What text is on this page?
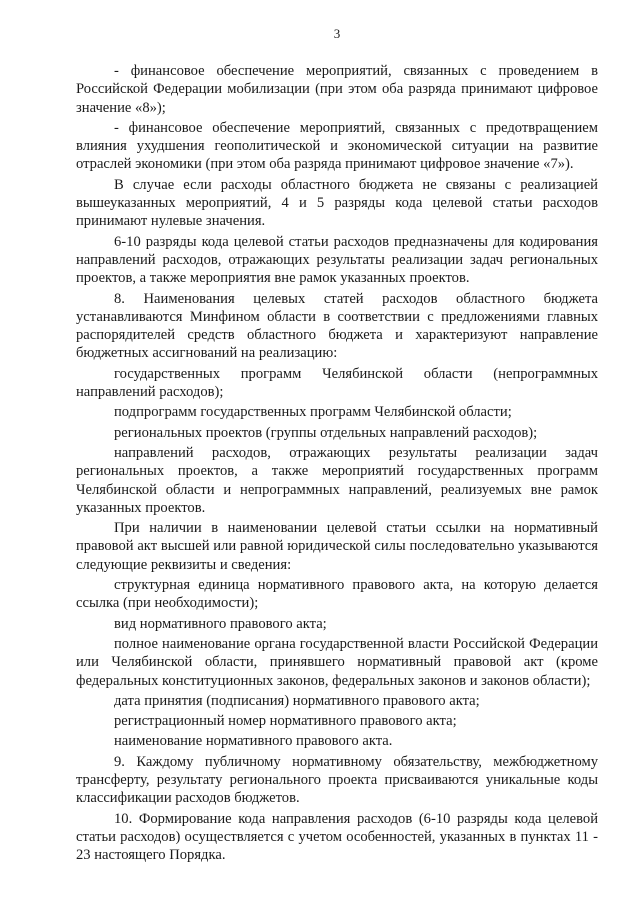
3

- финансовое обеспечение мероприятий, связанных с проведением в Российской Федерации мобилизации (при этом оба разряда принимают цифровое значение «8»);

- финансовое обеспечение мероприятий, связанных с предотвращением влияния ухудшения геополитической и экономической ситуации на развитие отраслей экономики (при этом оба разряда принимают цифровое значение «7»).

В случае если расходы областного бюджета не связаны с реализацией вышеуказанных мероприятий, 4 и 5 разряды кода целевой статьи расходов принимают нулевые значения.

6-10 разряды кода целевой статьи расходов предназначены для кодирования направлений расходов, отражающих результаты реализации задач региональных проектов, а также мероприятия вне рамок указанных проектов.

8. Наименования целевых статей расходов областного бюджета устанавливаются Минфином области в соответствии с предложениями главных распорядителей средств областного бюджета и характеризуют направление бюджетных ассигнований на реализацию:

государственных программ Челябинской области (непрограммных направлений расходов);

подпрограмм государственных программ Челябинской области;

региональных проектов (группы отдельных направлений расходов);

направлений расходов, отражающих результаты реализации задач региональных проектов, а также мероприятий государственных программ Челябинской области и непрограммных направлений, реализуемых вне рамок указанных проектов.

При наличии в наименовании целевой статьи ссылки на нормативный правовой акт высшей или равной юридической силы последовательно указываются следующие реквизиты и сведения:

структурная единица нормативного правового акта, на которую делается ссылка (при необходимости);

вид нормативного правового акта;

полное наименование органа государственной власти Российской Федерации или Челябинской области, принявшего нормативный правовой акт (кроме федеральных конституционных законов, федеральных законов и законов области);

дата принятия (подписания) нормативного правового акта;

регистрационный номер нормативного правового акта;

наименование нормативного правового акта.

9. Каждому публичному нормативному обязательству, межбюджетному трансферту, результату регионального проекта присваиваются уникальные коды классификации расходов бюджетов.

10. Формирование кода направления расходов (6-10 разряды кода целевой статьи расходов) осуществляется с учетом особенностей, указанных в пунктах 11 - 23 настоящего Порядка.
